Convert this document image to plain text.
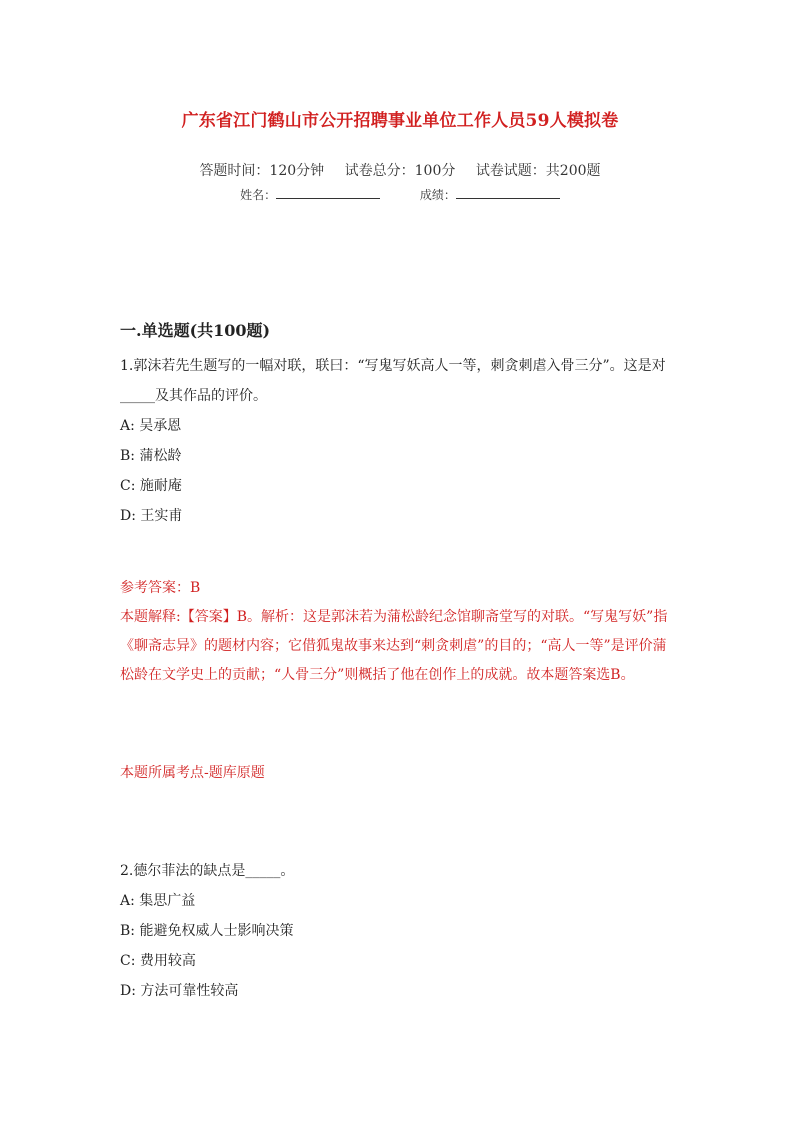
广东省江门鹤山市公开招聘事业单位工作人员59人模拟卷
答题时间：120分钟 试卷总分：100分 试卷试题：共200题
姓名：	成绩：
一.单选题(共100题)
1.郭沫若先生题写的一幅对联，联曰：“写鬼写妖高人一等，刺贪刺虐入骨三分”。这是对_____及其作品的评价。
A: 吴承恩
B: 蒲松龄
C: 施耐庵
D: 王实甫
参考答案：B
本题解释:【答案】B。解析：这是郭沫若为蒲松龄纪念馆聊斋堂写的对联。“写鬼写妖”指《聊斋志异》的题材内容；它借狐鬼故事来达到“刺贪刺虐”的目的；“高人一等”是评价蒲松龄在文学史上的贡献；“人骨三分”则概括了他在创作上的成就。故本题答案选B。
本题所属考点-题库原题
2.德尔菲法的缺点是_____。
A: 集思广益
B: 能避免权威人士影响决策
C: 费用较高
D: 方法可靠性较高
